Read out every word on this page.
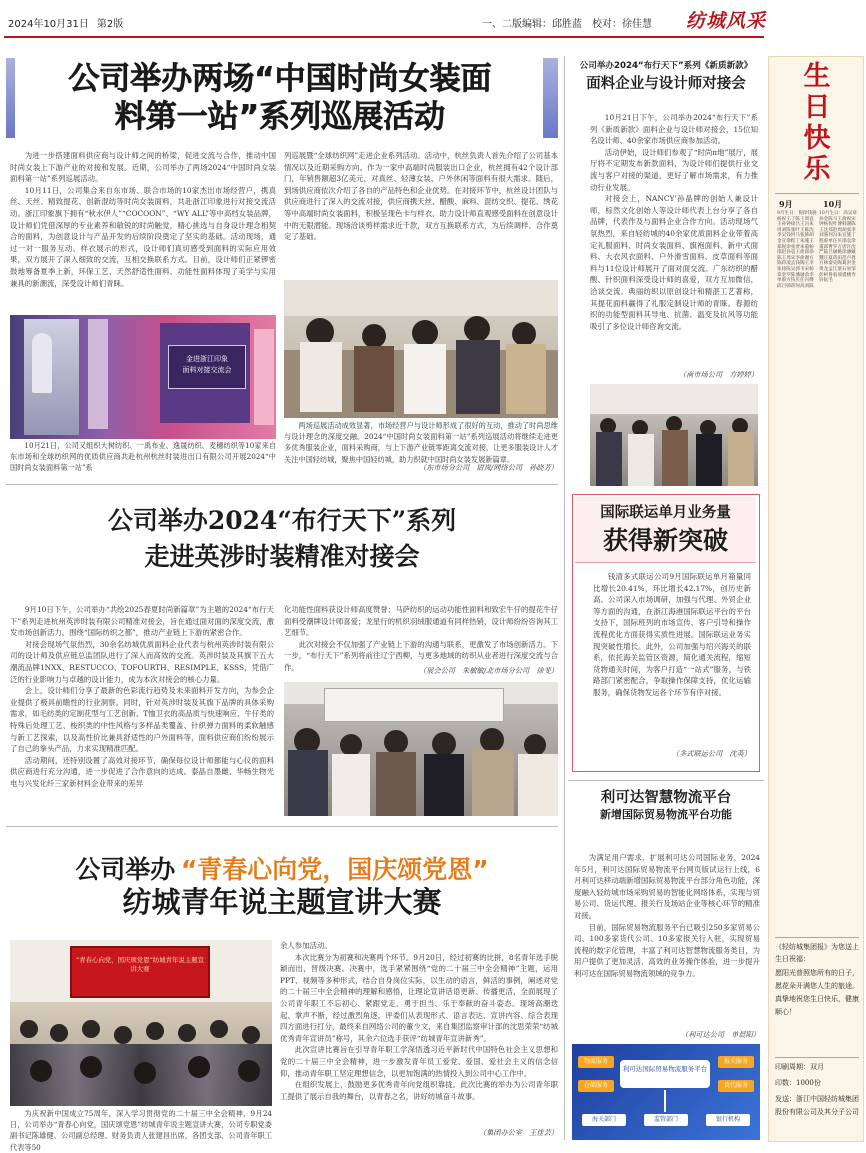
2024年10月31日 第2版	一、二版编辑：邱胜蓝　校对：徐佳慧 纺城风采
公司举办两场“中国时尚女装面
料第一站”系列巡展活动

为进一步搭建面料供应商与设计师之间的桥梁，促进交流与合作，推动中国时尚女装上下游产业的对接和发展。近期，公司举办了两场2024“中国时尚女装面料第一站”系列巡展活动。

10月11日，公司集合来自东市场、联合市场的10家杰出市场经营户，携真丝、天丝、精致提花、创新混纺等时尚女装面料，共赴浙江印象进行对接交流活动。浙江印象旗下拥有“秋水伊人”“COCOON”、“WY ALL”等中高档女装品牌，设计师们凭借深厚的专业素养和敏锐的时尚触觉，精心挑选与自身设计理念相契合的面料，为创意设计与产品开发的后续阶段奠定了坚实的基础。活动现场，通过一对一服务互动、样衣展示的形式，设计师们真切感受到面料的实际应用效果，双方展开了深入细致的交流，互相交换联系方式。目前，设计师们正紧锣密鼓地筹备夏季上新，环保工艺、天然舒适性面料、功能性面料体现了美学与实用兼具的新潮流，深受设计师们青睐。

金进浙江印象
面料对接交流会
10月21日，公司又组织大树纺织、一禹布业、逸晟纺织、麦穗纺织等10家来自东市场和全球纺织网的优质供应商共赴杭州杭丝时装进出口有限公司开展2024“中国时尚女装面料第一站”系
列巡展暨“全球纺织网”走进企业系列活动。活动中，杭丝负责人首先介绍了公司基本情况以及近期采购方向。作为一家中高端时尚服装出口企业，杭丝拥有42个设计部门，年销售额超3亿美元，对真丝、轻薄女装、户外休闲等面料有很大需求。随后，到场供应商依次介绍了各自的产品特色和企业优势。在对接环节中，杭丝设计团队与供应商进行了深入的交流对接，供应商携天丝、醋酸、麻料、混纺交织、提花、绣花等中高端时尚女装面料，积极呈现色卡与样衣，助力设计师直观感受面料在创意设计中的无限潜能。现场洽谈剪样需求近千款，双方互换联系方式，为后续调样、合作奠定了基础。
两场巡展活动成效显著，市场经营户与设计师形成了很好的互动，推动了时尚思维与设计理念的深度交融。2024“中国时尚女装面料第一站”系列巡展活动将继续走进更多优秀服装企业，面料采购商，与上下游产业链零距离交流对接，让更多服装设计人才关注中国轻纺城，聚焦中国轻纺城，助力织就中国时尚女装发展新篇章。
（东市场分公司　尉岚/网络公司　孙晓芳）
公司举办2024“布行天下”系列
走进英涉时装精准对接会

9月10日下午，公司举办“共绘2025春夏时尚新篇章”为主题的2024“布行天下”系列走进杭州英涉时装有限公司精准对接会，旨在通过面对面的深度交流，激发市场创新活力，围绕“国际纺织之都”，推动产业链上下游的紧密合作。

对接会现场气氛热烈，30余名纺城优质面料企业代表与杭州英涉时装有限公司的设计师及供应链总监团队进行了深入而高效的交流。英涉时装及其旗下五大潮流品牌1NXX、RESTUCCO、TOFOURTH、RESIMPLE、KSSS，凭借广泛的行业影响力与卓越的设计能力，成为本次对接会的核心力量。

会上，设计师们分享了最新的色彩流行趋势及未来面料开发方向，为参会企业提供了极具前瞻性的行业洞察。同时，针对英涉时装及其旗下品牌的具体采购需求，如毛纺类的定制花型与工艺创新、T恤卫衣的高品质与快速响应、牛仔类的特殊后处理工艺、梭织类的中性风格与多样品类覆盖、针织弹力面料的柔软触感与新工艺探索，以及高性价比兼具舒适性的户外面料等，面料供应商们纷纷展示了自己的拳头产品，力求实现精准匹配。

活动期间，还特别设置了高效对接环节，确保每位设计师都能与心仪的面料供应商进行充分沟通，进一步促进了合作意向的达成。泰晶自墨雌、华畅生物光电与兴发化纤三家新材料企业带来的差异

化功能性面料获设计师高度赞誉；马萨纺织的运动功能性面料和致宏牛仔的提花牛仔面料受潮牌设计师喜爱；龙星行的机织羽绒服通道有同样热销，设计师纷纷咨询其工艺细节。

此次对接会不仅加强了产业链上下游的沟通与联系，更激发了市场创新活力。下一步，“布行天下”系列将前往辽宁西柳，与更多地域的纺织从业者进行深度交流与合作。	（展会公司　朱敏敏/北市场分公司　徐斐）
公司举办 “青春心向党，国庆颂党恩”
纺城青年说主题宣讲大赛
“青春心向党，国庆颂党恩”纺城青年说主题宣讲大赛
为庆祝新中国成立75周年，深入学习贯彻党的二十届三中全会精神，9月24日，公司举办“青春心向党，国庆颂党恩”纺城青年说主题宣讲大赛，公司专职党委副书记陈雄健、公司副总经理、财务负责人张建昌出席，各团支部、公司青年职工代表等50

余人参加活动。

本次比赛分为初赛和决赛两个环节。9月20日，经过初赛的比拼，8名青年选手脱颖而出，晋级决赛。决赛中，选手紧紧围绕“党的二十届三中全会精神”主题，运用PPT、视频等多种形式，结合自身岗位实际，以生动的语言，鲜活的事例，阐述对党的二十届三中全会精神的理解和感悟，让理论宣讲话语更新、传播更活，全面展现了公司青年职工不忘初心、紧跟党走、勇于担当、乐于奉献的奋斗姿态。现场高潮迭起、掌声不断，经过激烈角逐，评委们从表现形式、语言表达、宣讲内容、综合表现四方面进行打分，最终来自网络公司的董少文，来自集团监察审计部的沈思荣荣“纺城优秀青年宣讲员”称号，其余六位选手获评“纺城青年宣讲新秀”。

此次宣讲比赛旨在引导青年职工学深悟透习近平新时代中国特色社会主义思想和党的二十届三中全会精神，进一步激发青年员工爱党、爱国、爱社会主义的信念信仰，推动青年职工坚定理想信念，以更加饱满的热情投入到公司中心工作中。

在组织发展上，鼓励更多优秀青年向党组织靠拢。此次比赛的举办为公司青年职工提供了展示自我的舞台，以青春之名，讲好纺城奋斗故事。

（集团办公室　王佳芸）
公司举办2024“布行天下”系列《新质新款》
面料企业与设计师对接会

10月21日下午，公司举办2024“布行天下”系列《新质新款》面料企业与设计师对接会，15位知名设计师、40余家市场供应商参加活动。

活动伊始，设计师们参观了“时尚π地”展厅，展厅将不定期发布新款面料，为设计师们提供行业交流与客户对接的渠道，更好了解市场需求，有力推动行业发展。

对接会上，NANCY'孙晶牌的创始人兼设计师，棕然文化创始人等设计师代表上台分享了各自品牌，代表作及与面料企业合作方向。活动现场气氛热烈，来自轻纺城的40余家优质面料企业带着高定礼服面料、时尚女装面料、旗袍面料、新中式面料、大衣风衣面料、户外滑雪面料、皮草面料等面料与11位设计师展开了面对面交流。广东纺织的醋酸、针织面料深受设计师的喜爱，双方互加微信，洽谈交流。典丽纺织以原创设计和精湛工艺著称，其提花面料赢得了礼服定制设计师的青睐。春源纺织的功能型面料其导电、抗菌、温变及抗风等功能吸引了多位设计师咨询交流。

（南市场公司　方婷婷）
国际联运单月业务量
获得新突破
钱清多式联运公司9月国际联运单月箱量同比增长20.41%，环比增长42.17%，创历史新高。公司深入市场调研，加强与代理、外贸企业等方面的沟通，在浙江海港国际联运平台的平台支持下，国际班列的市场宣传、客户引导和操作流程优化方面获得实质性进展。国际联运业务实现突破性增长。此外，公司加强与绍兴海关的联系，依托海关监管区资源，简化通关流程，缩短货物通关时间，为客户打造“一站式”服务，与铁路部门紧密配合，争取操作保障支持，优化运输服务，确保货物发运各个环节有序对接。
（多式联运公司　沈英）
利可达智慧物流平台
新增国际贸易物流平台功能

为满足用户需求、扩展利可达公司国际业务，2024年5月，利可达国际贸易物流平台网页版试运行上线，6月利可达移动端新增国际贸易物流平台部分角色功能，深度融入轻纺城市场采购贸易的智能化网络体系，实现与贸易公司、货运代理、报关行及场站企业等核心环节的精准对接。

目前，国际贸易物流服务平台已吸引250多家贸易公司、100多家货代公司、10多家报关行入驻，实现贸易流程的数字化管理，丰富了利可达智慧物流服务类目，为用户提供了更加灵活、高效的业务操作体验，进一步提升利可达在国际贸易物流领域的竞争力。

（利可达公司　单晨阳）
利可达国际贸易物流服务平台
物流服务	报关服务
仓储服务	货代服务
海关部门	监管部门	银行机构
生
日
快
乐
9月	10月
9月生日：倪徐钱骆杨祝王丁陈王周袁王孙钟徐吕王冯朱周刘陈张叶王陈沈李吴钱何马张韩胡金宣俞程丁朱施王郑倪余张贾朱董杨邵赵孙袁王俞邱徐陈王周宋李俞谢方陈蒋凌孟钱陶王李张徐陈吴郭韦宋杨章金罗陈潘屠余李单蔡方钱贝任冯傅邱吕韩蒋何高刘陈
10月生日：高吴章孙金陈马王俞祝宋钟杨倪叶傅韩谢陈王沈郑赵周胡张李刘骆何冯朱宣施丁程蔡单任贝邵袁余董邱曹罗万唐许沈严陆吕屠姚徐潘戴魏汪夏蒋田范卢龚方林秦史陶葛洪金黄龙孟江梁石易邹彭柯鲁翁项裘楼寿钭阮毛
《轻纺城集团报》为您送上生日祝福：
愿阳光普照您所有的日子，愿花朵开满您人生的旅途。真挚地祝您生日快乐，健康顺心！
印刷周期：双月
印数：1000份
发送：浙江中国轻纺城集团股份有限公司及其分子公司
